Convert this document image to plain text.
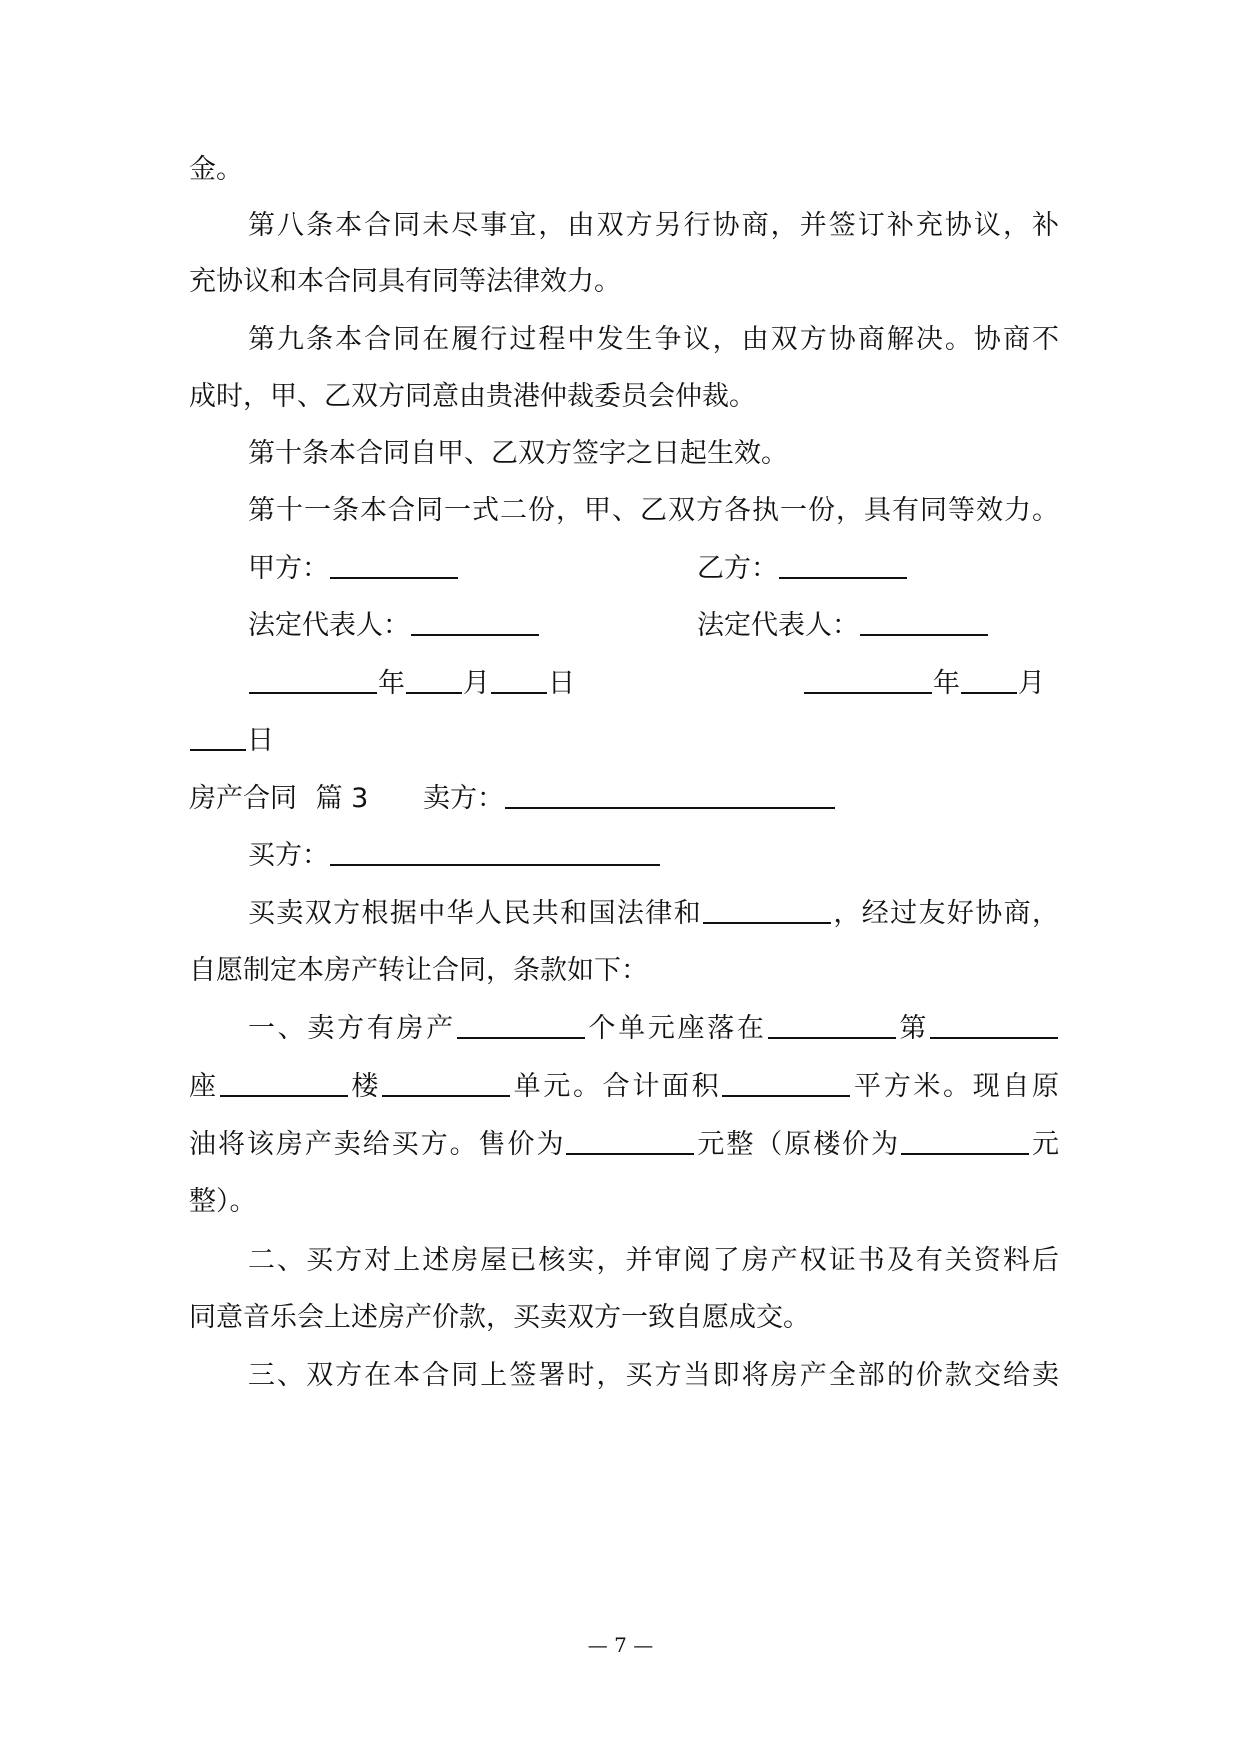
金。
第八条本合同未尽事宜，由双方另行协商，并签订补充协议，补
充协议和本合同具有同等法律效力。
第九条本合同在履行过程中发生争议，由双方协商解决。协商不
成时，甲、乙双方同意由贵港仲裁委员会仲裁。
第十条本合同自甲、乙双方签字之日起生效。
第十一条本合同一式二份，甲、乙双方各执一份，具有同等效力。
甲方：	乙方：
法定代表人：	法定代表人：
年 月 日	年 月
日
房产合同 篇 3 卖方：
买方：
买卖双方根据中华人民共和国法律和	，经过友好协商，
自愿制定本房产转让合同，条款如下：
一、卖方有房产	个单元座落在	第
座	楼	单元。合计面积	平方米。现自原
油将该房产卖给买方。售价为	元整（原楼价为	元
整）。
二、买方对上述房屋已核实，并审阅了房产权证书及有关资料后
同意音乐会上述房产价款，买卖双方一致自愿成交。
三、双方在本合同上签署时，买方当即将房产全部的价款交给卖
— 7 —
